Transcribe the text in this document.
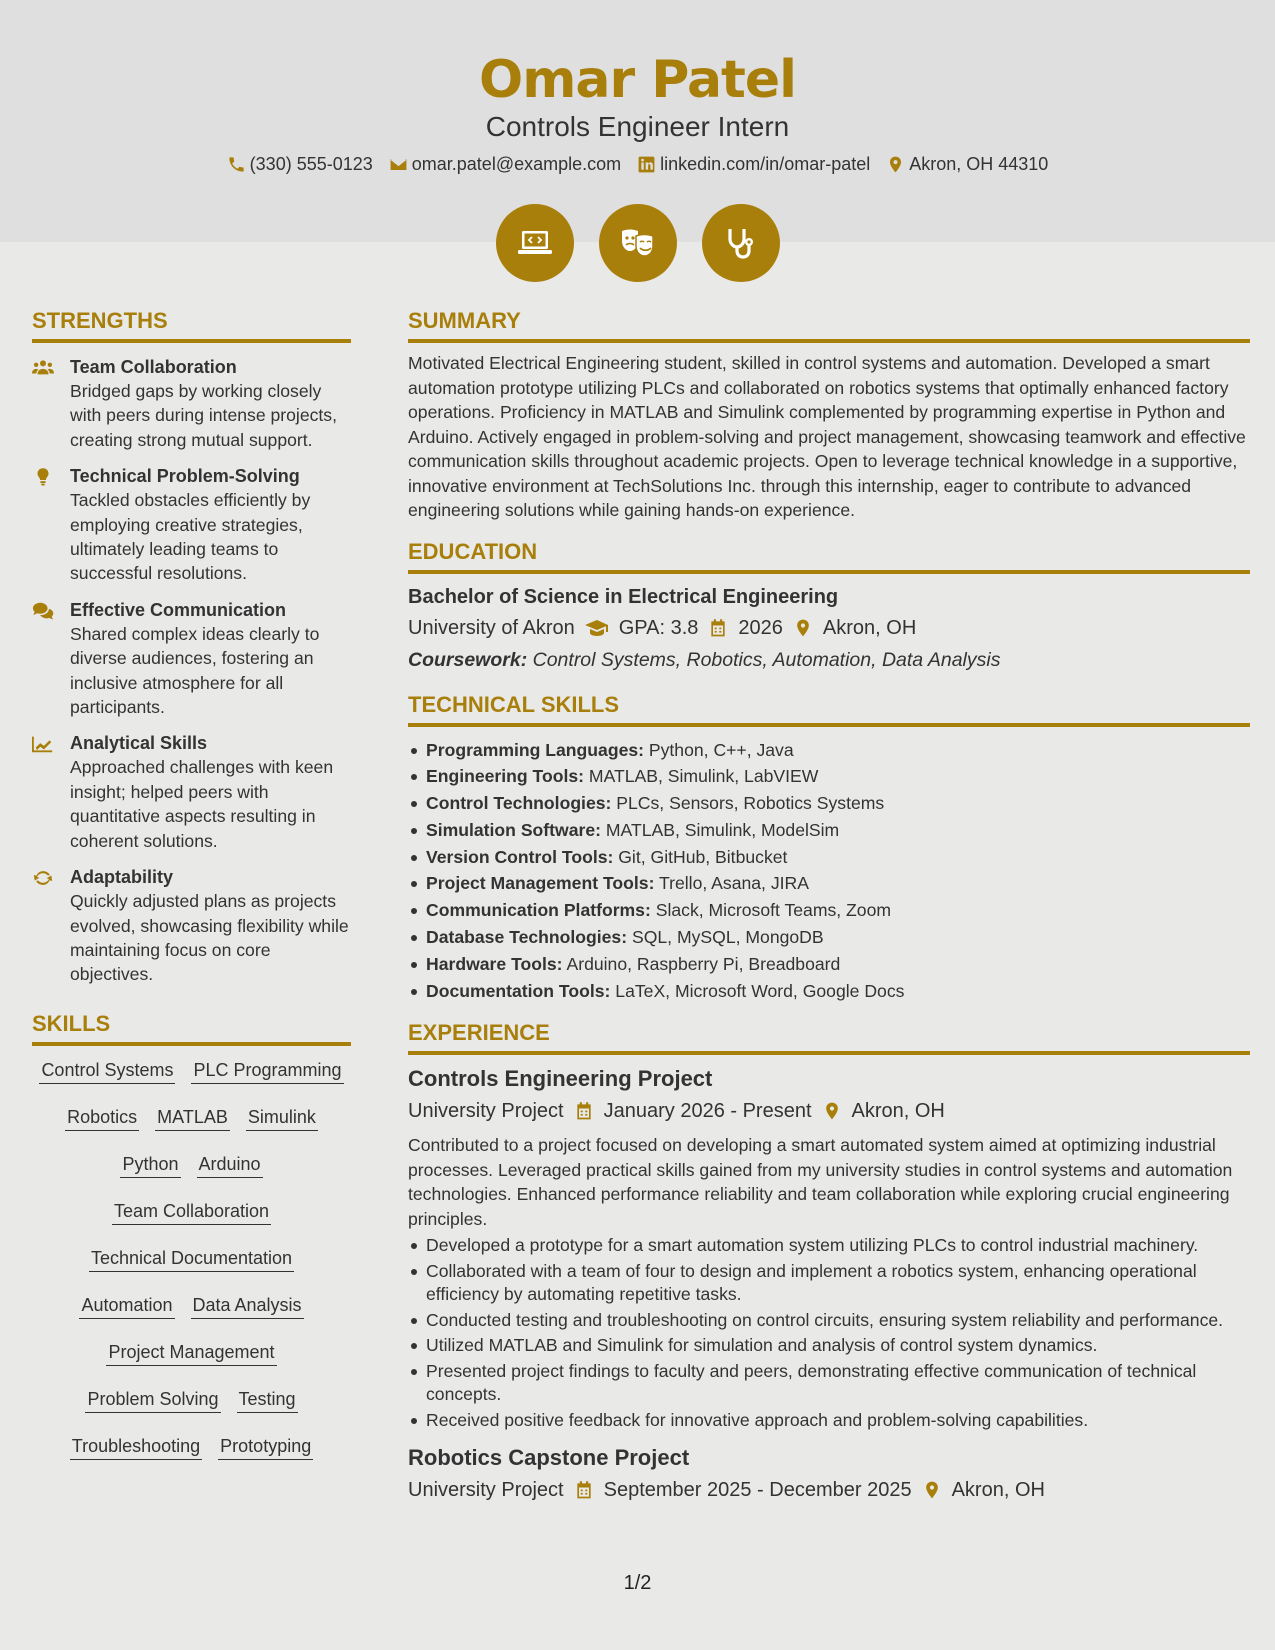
Omar Patel
Controls Engineer Intern
(330) 555-0123 omar.patel@example.com linkedin.com/in/omar-patel Akron, OH 44310
STRENGTHS
Team Collaboration

Bridged gaps by working closely with peers during intense projects, creating strong mutual support.

Technical Problem-Solving

Tackled obstacles efficiently by employing creative strategies, ultimately leading teams to successful resolutions.

Effective Communication

Shared complex ideas clearly to diverse audiences, fostering an inclusive atmosphere for all participants.

Analytical Skills

Approached challenges with keen insight; helped peers with quantitative aspects resulting in coherent solutions.

Adaptability

Quickly adjusted plans as projects evolved, showcasing flexibility while maintaining focus on core objectives.

SKILLS
Control Systems PLC Programming
Robotics MATLAB Simulink
Python Arduino
Team Collaboration
Technical Documentation
Automation Data Analysis
Project Management
Problem Solving Testing
Troubleshooting Prototyping
SUMMARY

Motivated Electrical Engineering student, skilled in control systems and automation. Developed a smart automation prototype utilizing PLCs and collaborated on robotics systems that optimally enhanced factory operations. Proficiency in MATLAB and Simulink complemented by programming expertise in Python and Arduino. Actively engaged in problem-solving and project management, showcasing teamwork and effective communication skills throughout academic projects. Open to leverage technical knowledge in a supportive, innovative environment at TechSolutions Inc. through this internship, eager to contribute to advanced engineering solutions while gaining hands-on experience.

EDUCATION
Bachelor of Science in Electrical Engineering
University of Akron GPA: 3.8 2026 Akron, OH
Coursework: Control Systems, Robotics, Automation, Data Analysis
TECHNICAL SKILLS
Programming Languages: Python, C++, Java
Engineering Tools: MATLAB, Simulink, LabVIEW
Control Technologies: PLCs, Sensors, Robotics Systems
Simulation Software: MATLAB, Simulink, ModelSim
Version Control Tools: Git, GitHub, Bitbucket
Project Management Tools: Trello, Asana, JIRA
Communication Platforms: Slack, Microsoft Teams, Zoom
Database Technologies: SQL, MySQL, MongoDB
Hardware Tools: Arduino, Raspberry Pi, Breadboard
Documentation Tools: LaTeX, Microsoft Word, Google Docs
EXPERIENCE
Controls Engineering Project
University Project January 2026 - Present Akron, OH

Contributed to a project focused on developing a smart automated system aimed at optimizing industrial processes. Leveraged practical skills gained from my university studies in control systems and automation technologies. Enhanced performance reliability and team collaboration while exploring crucial engineering principles.

Developed a prototype for a smart automation system utilizing PLCs to control industrial machinery.
Collaborated with a team of four to design and implement a robotics system, enhancing operational efficiency by automating repetitive tasks.
Conducted testing and troubleshooting on control circuits, ensuring system reliability and performance.
Utilized MATLAB and Simulink for simulation and analysis of control system dynamics.
Presented project findings to faculty and peers, demonstrating effective communication of technical concepts.
Received positive feedback for innovative approach and problem-solving capabilities.
Robotics Capstone Project
University Project September 2025 - December 2025 Akron, OH
1/2
